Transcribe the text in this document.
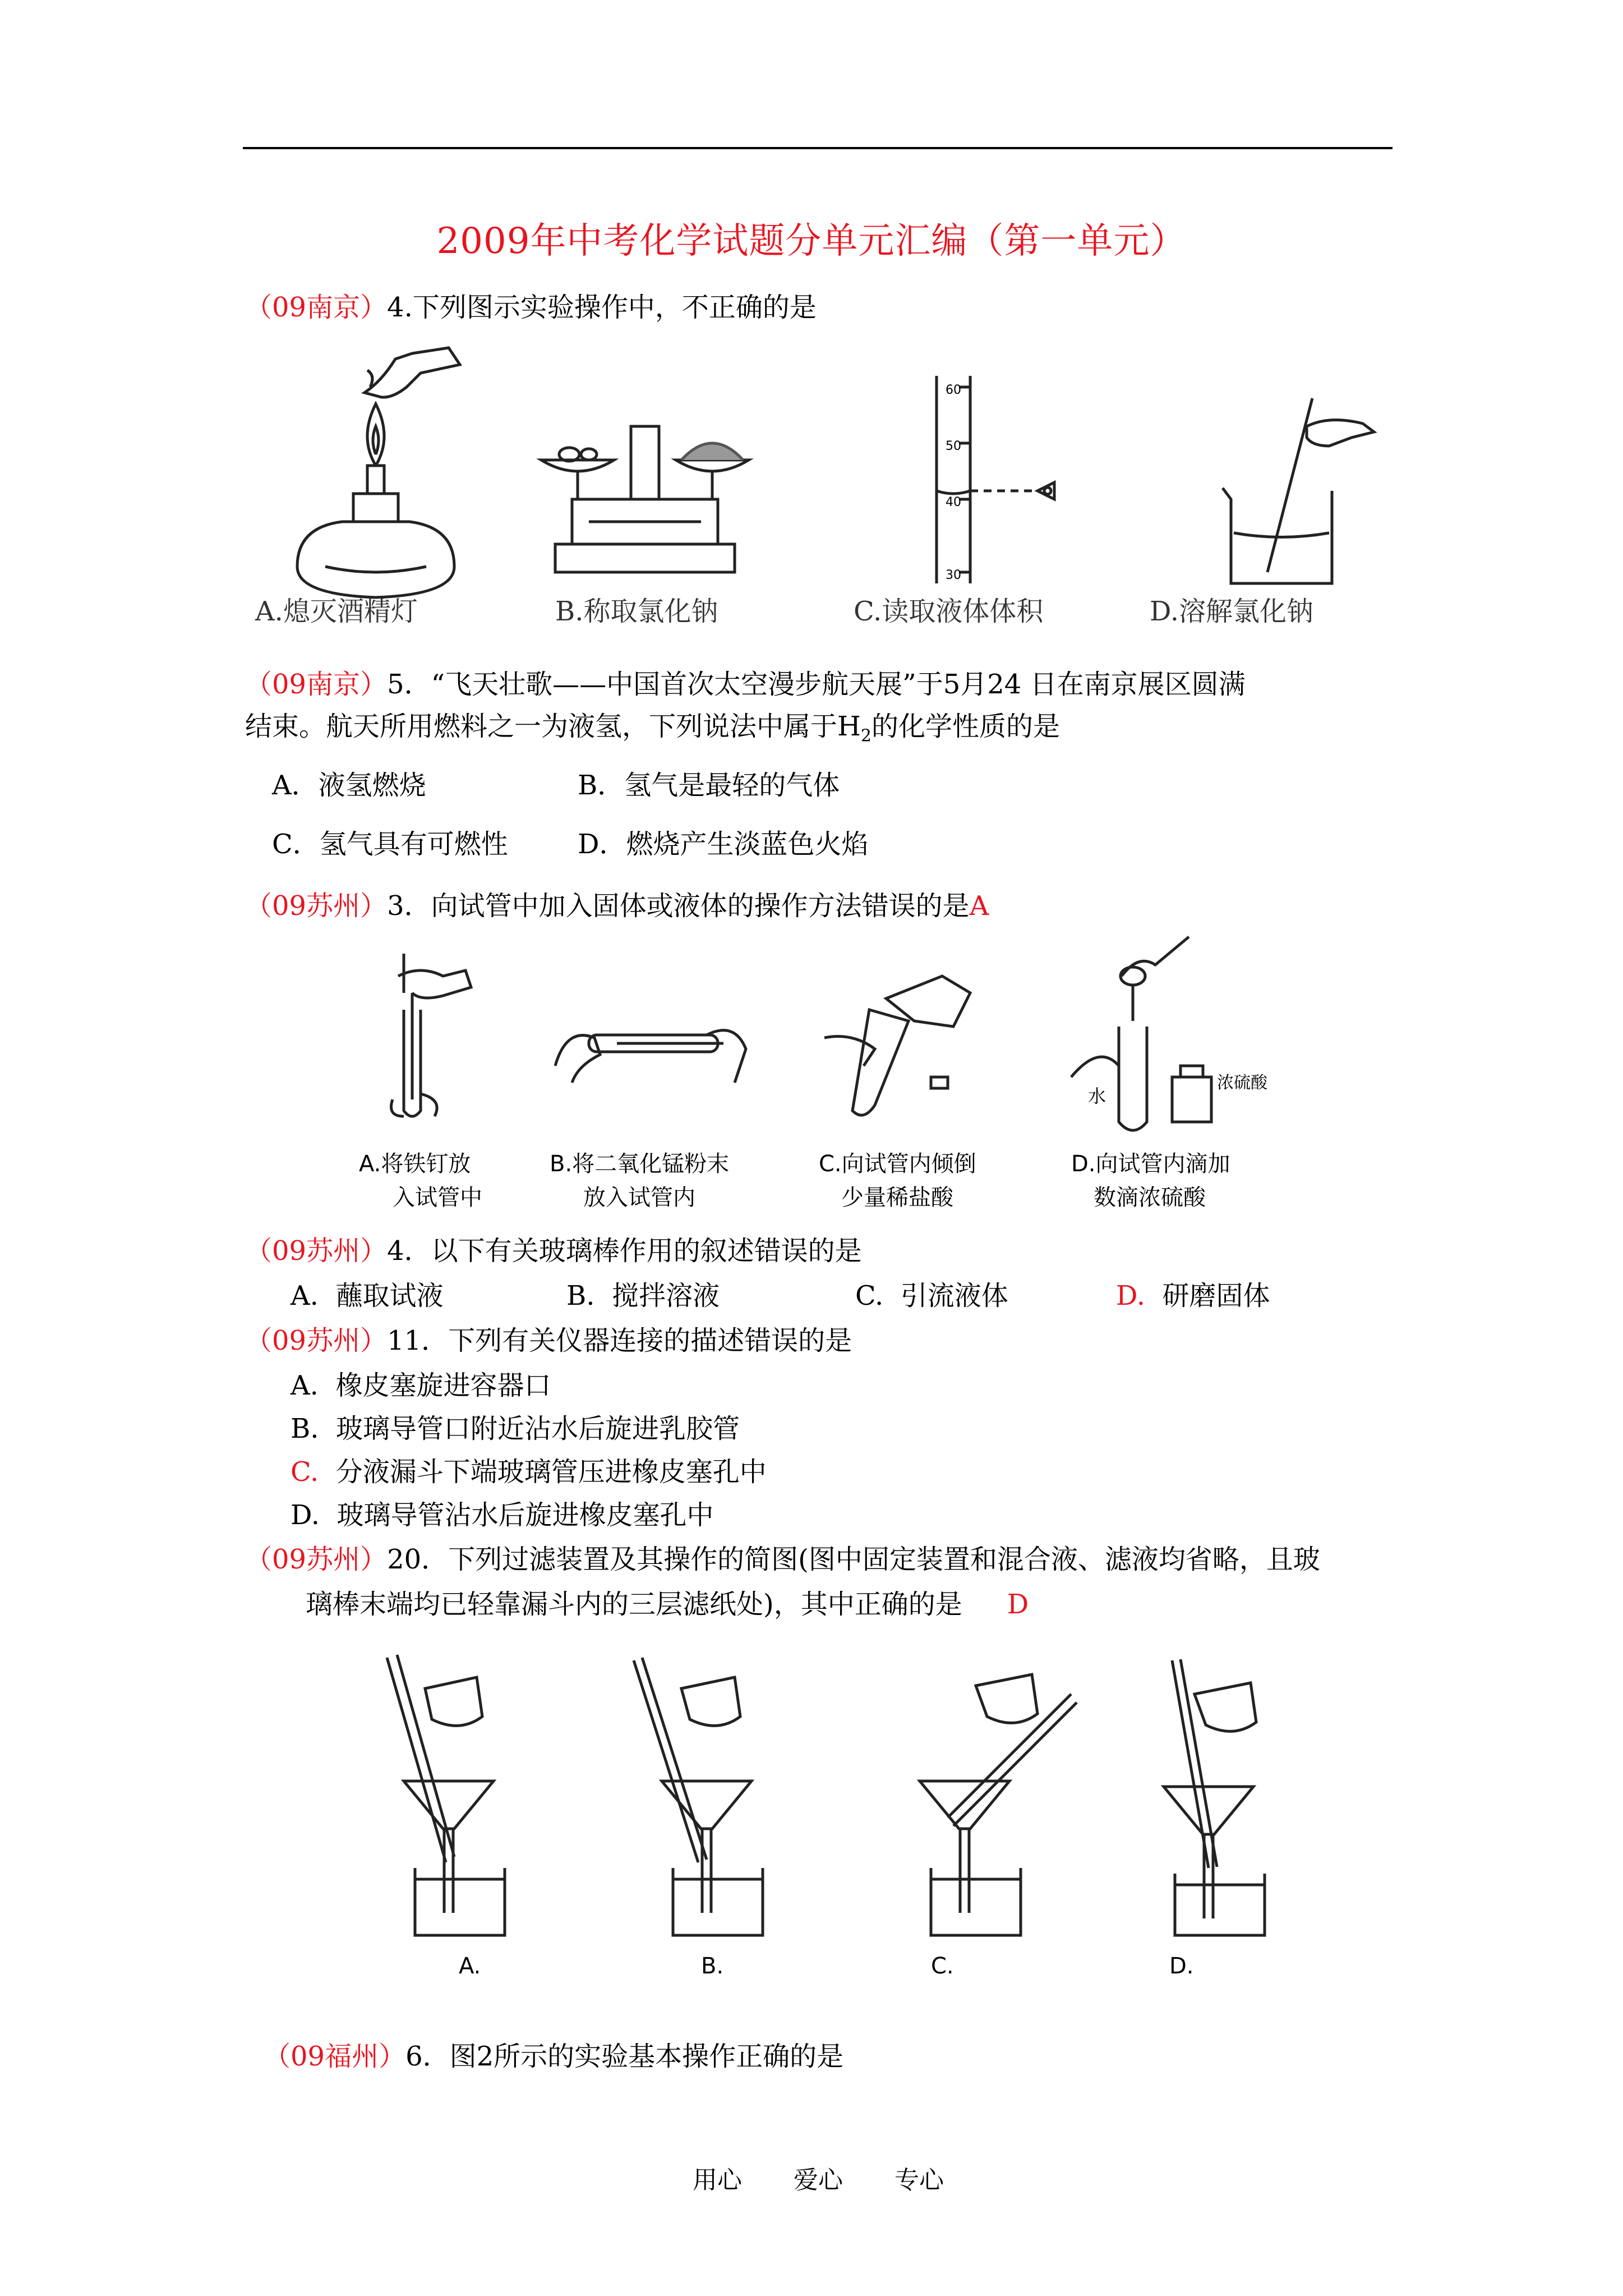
2009年中考化学试题分单元汇编（第一单元）
（09南京）4.下列图示实验操作中，不正确的是
60
50
40
30
A.熄灭酒精灯	B.称取氯化钠	C.读取液体体积	D.溶解氯化钠
（09南京）5．“飞天壮歌——中国首次太空漫步航天展”于5月24 日在南京展区圆满
结束。航天所用燃料之一为液氢，下列说法中属于$H_2$的化学性质的是
A．液氢燃烧	B．氢气是最轻的气体
C．氢气具有可燃性	D．燃烧产生淡蓝色火焰
（09苏州）3．向试管中加入固体或液体的操作方法错误的是A
水
浓硫酸
A.将铁钉放
入试管中
B.将二氧化锰粉末
放入试管内
C.向试管内倾倒
少量稀盐酸
D.向试管内滴加
数滴浓硫酸
（09苏州）4．以下有关玻璃棒作用的叙述错误的是
A. 蘸取试液	B. 搅拌溶液	C. 引流液体	D. 研磨固体
（09苏州）11．下列有关仪器连接的描述错误的是
A. 橡皮塞旋进容器口
B. 玻璃导管口附近沾水后旋进乳胶管
C. 分液漏斗下端玻璃管压进橡皮塞孔中
D. 玻璃导管沾水后旋进橡皮塞孔中
（09苏州）20．下列过滤装置及其操作的简图(图中固定装置和混合液、滤液均省略，且玻
璃棒末端均已轻靠漏斗内的三层滤纸处)，其中正确的是 D
A.	B.	C.	D.
（09福州）6．图2所示的实验基本操作正确的是
用心 爱心 专心
